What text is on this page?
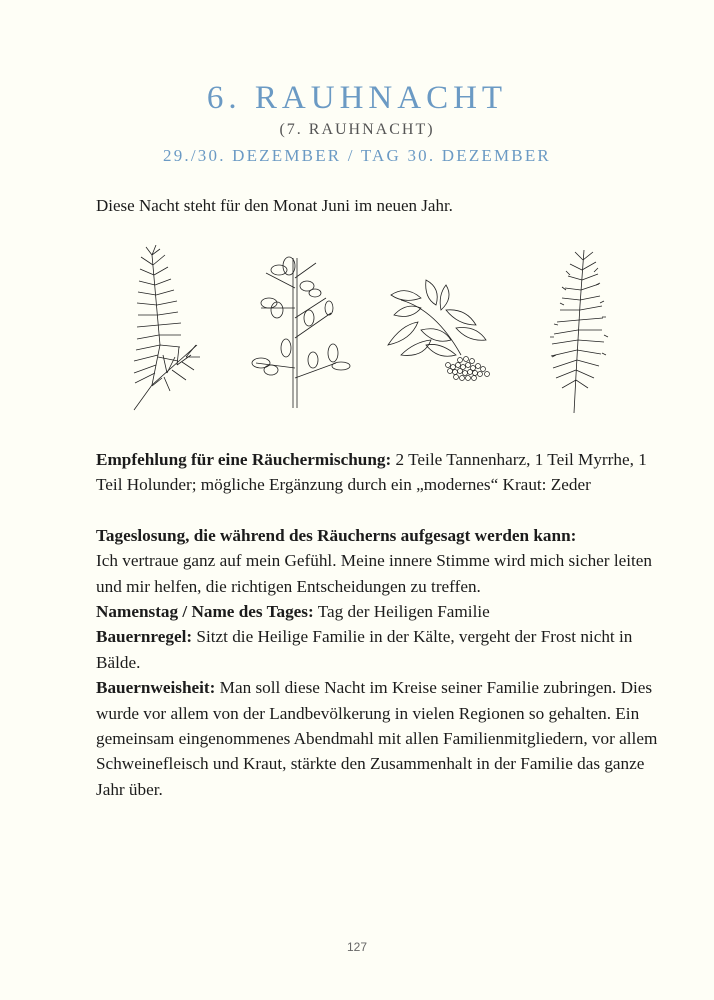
6. RAUHNACHT
(7. RAUHNACHT)
29./30. DEZEMBER / TAG 30. DEZEMBER
Diese Nacht steht für den Monat Juni im neuen Jahr.

Empfehlung für eine Räuchermischung: 2 Teile Tannenharz, 1 Teil Myrrhe, 1 Teil Holunder; mögliche Ergänzung durch ein „modernes“ Kraut: Zeder

Tageslosung, die während des Räucherns aufgesagt werden kann:

Ich vertraue ganz auf mein Gefühl. Meine innere Stimme wird mich sicher leiten und mir helfen, die richtigen Entscheidungen zu treffen.

Namenstag / Name des Tages: Tag der Heiligen Familie

Bauernregel: Sitzt die Heilige Familie in der Kälte, vergeht der Frost nicht in Bälde.

Bauernweisheit: Man soll diese Nacht im Kreise seiner Familie zubringen. Dies wurde vor allem von der Landbevölkerung in vielen Regionen so gehalten. Ein gemeinsam eingenommenes Abendmahl mit allen Familienmitgliedern, vor allem Schweinefleisch und Kraut, stärkte den Zusammenhalt in der Familie das ganze Jahr über.

127
